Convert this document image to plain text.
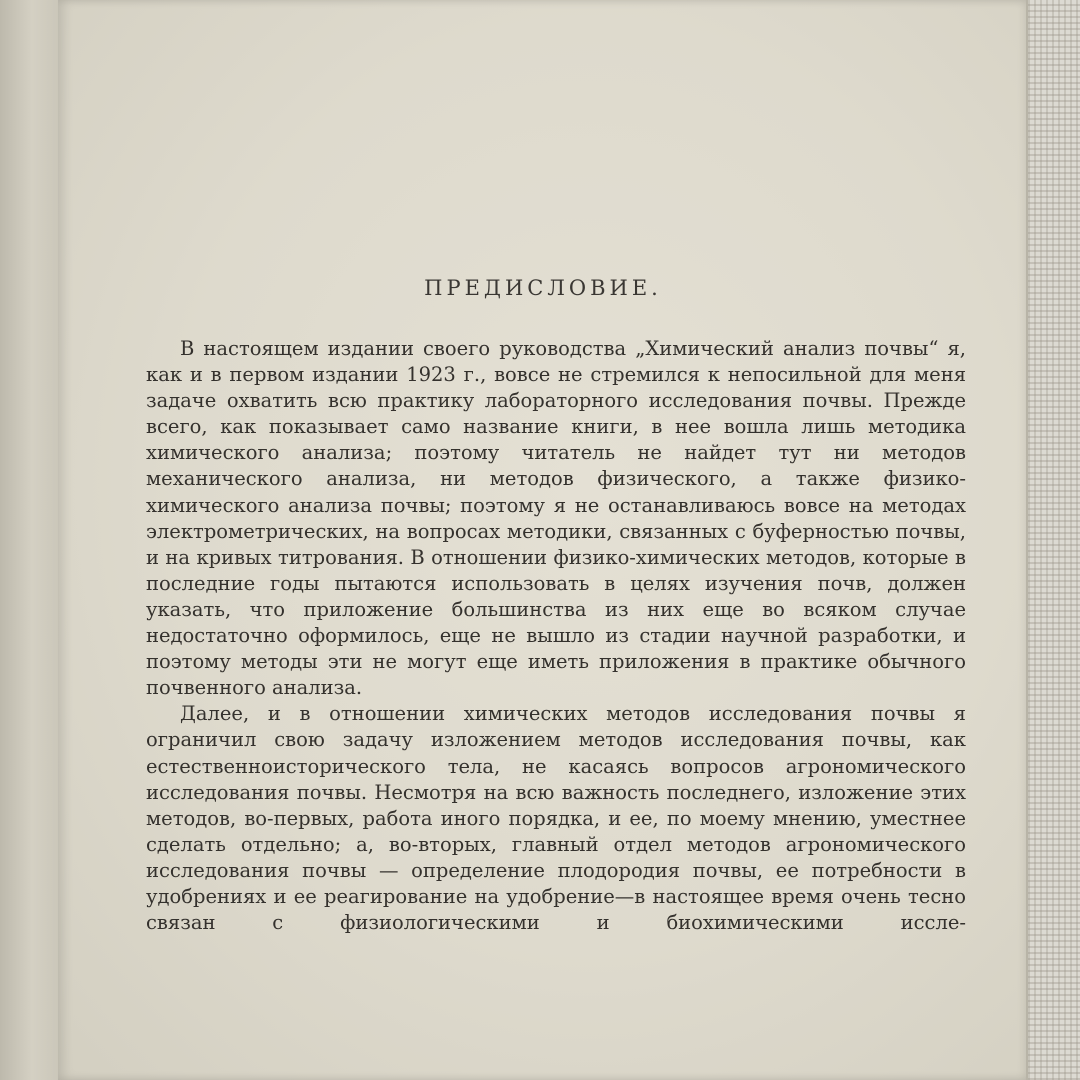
ПРЕДИСЛОВИЕ.

В настоящем издании своего руководства „Химический анализ почвы“ я, как и в первом издании 1923 г., вовсе не стремился к непосильной для меня задаче охватить всю практику лабораторного исследования почвы. Прежде всего, как показывает само название книги, в нее вошла лишь методика химического анализа; поэтому читатель не найдет тут ни методов механического анализа, ни методов физического, а также физико-химического анализа почвы; поэтому я не останавливаюсь вовсе на методах электрометрических, на вопросах методики, связанных с буферностью почвы, и на кривых титрования. В отношении физико-химических методов, которые в последние годы пытаются использовать в целях изучения почв, должен указать, что приложение большинства из них еще во всяком случае недостаточно оформилось, еще не вышло из стадии научной разработки, и поэтому методы эти не могут еще иметь приложения в практике обычного почвенного анализа.

Далее, и в отношении химических методов исследования почвы я ограничил свою задачу изложением методов исследования почвы, как естественноисторического тела, не касаясь вопросов агрономического исследования почвы. Несмотря на всю важность последнего, изложение этих методов, во-первых, работа иного порядка, и ее, по моему мнению, уместнее сделать отдельно; а, во-вторых, главный отдел методов агрономического исследования почвы — определение плодородия почвы, ее потребности в удобрениях и ее реагирование на удобрение—в настоящее время очень тесно связан с физиологическими и биохимическими иссле-
